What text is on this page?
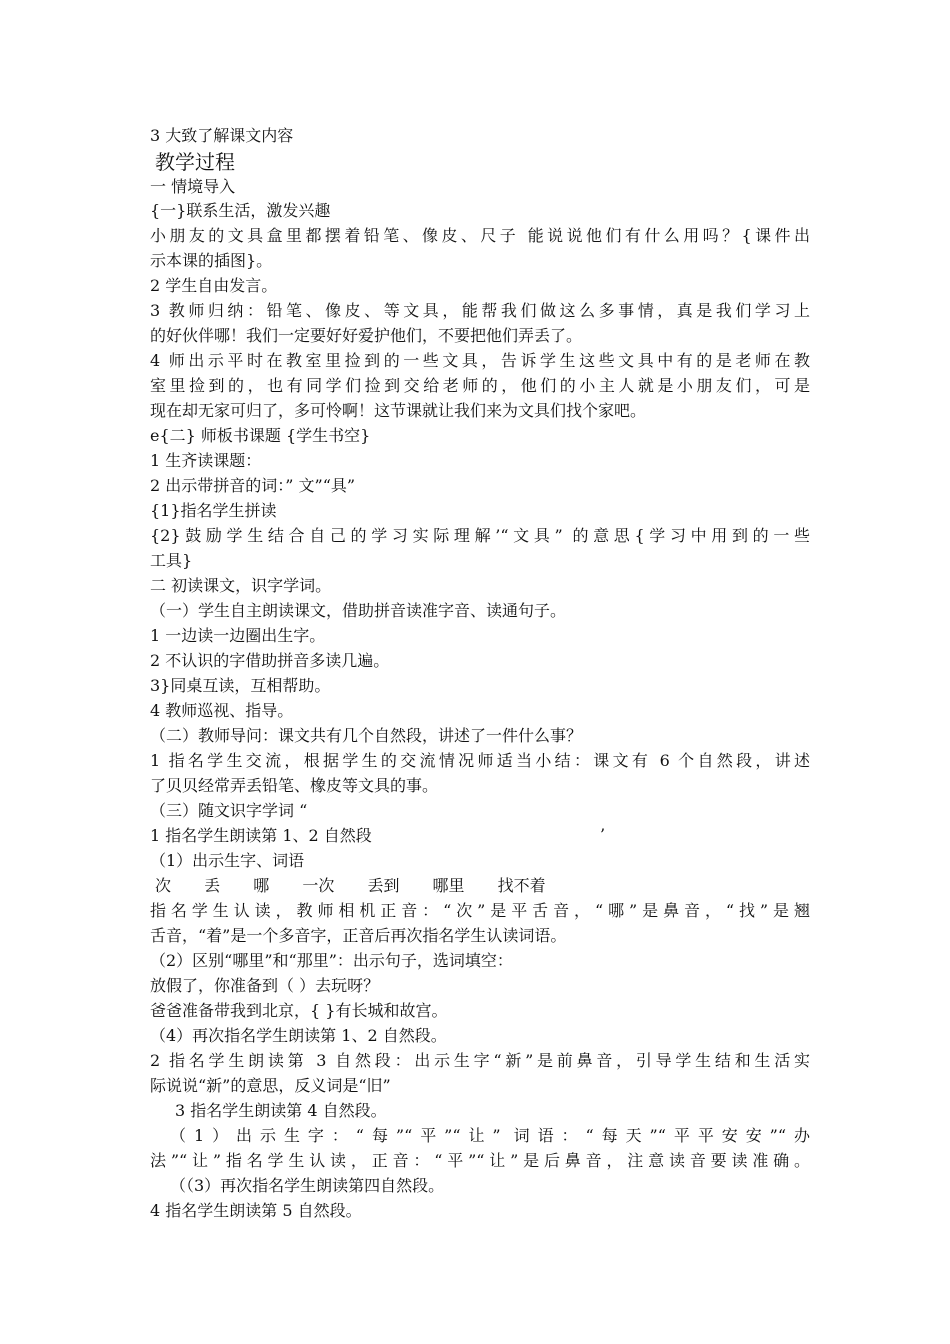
3 大致了解课文内容
教学过程
一 情境导入
{一}联系生活，激发兴趣
小朋友的文具盒里都摆着铅笔、像皮、尺子 能说说他们有什么用吗？{课件出
示本课的插图}。
2 学生自由发言。
3 教师归纳：铅笔、像皮、等文具，能帮我们做这么多事情，真是我们学习上
的好伙伴哪！我们一定要好好爱护他们，不要把他们弄丢了。
4 师出示平时在教室里捡到的一些文具，告诉学生这些文具中有的是老师在教
室里捡到的，也有同学们捡到交给老师的，他们的小主人就是小朋友们，可是
现在却无家可归了，多可怜啊！这节课就让我们来为文具们找个家吧。
e{二} 师板书课题 {学生书空}
1 生齐读课题：
2 出示带拼音的词：” 文”“具”
{1}指名学生拼读
{2}鼓励学生结合自己的学习实际理解’“文具” 的意思{学习中用到的一些
工具}
二 初读课文，识字学词。
（一）学生自主朗读课文，借助拼音读准字音、读通句子。
1 一边读一边圈出生字。
2 不认识的字借助拼音多读几遍。
3}同桌互读，互相帮助。
4 教师巡视、指导。
（二）教师导问：课文共有几个自然段，讲述了一件什么事？
1 指名学生交流，根据学生的交流情况师适当小结：课文有 6 个自然段，讲述
了贝贝经常弄丢铅笔、橡皮等文具的事。
（三）随文识字学词 “
1 指名学生朗读第 1、2 自然段	’
（1）出示生字、词语
次 丢 哪 一次 丢到 哪里 找不着
指名学生认读，教师相机正音：“次”是平舌音，“哪”是鼻音，“找”是翘
舌音，“着”是一个多音字，正音后再次指名学生认读词语。
（2）区别“哪里”和“那里”：出示句子，选词填空：
放假了，你准备到（ ）去玩呀？
爸爸准备带我到北京，{ }有长城和故宫。
（4）再次指名学生朗读第 1、2 自然段。
2 指名学生朗读第 3 自然段：出示生字“新”是前鼻音，引导学生结和生活实
际说说“新”的意思，反义词是“旧”
3 指名学生朗读第 4 自然段。
（1）出示生字：“每”“平”“让” 词语：“每天”“平平安安”“办
法”“让”指名学生认读，正音：“平”“让”是后鼻音，注意读音要读准确。
（（3）再次指名学生朗读第四自然段。
4 指名学生朗读第 5 自然段。
